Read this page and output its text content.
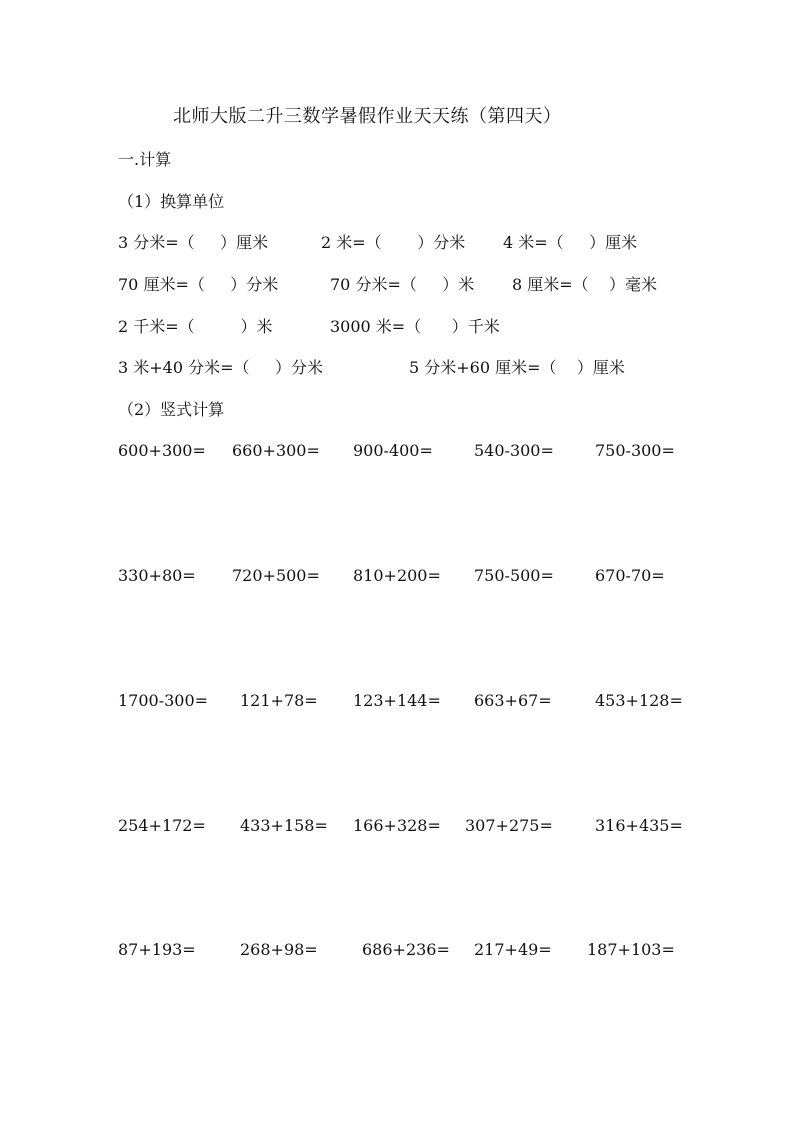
北师大版二升三数学暑假作业天天练（第四天）
一.计算
（1）换算单位
3 分米=（     ）厘米	2 米=（       ）分米 4 米=（     ）厘米
70 厘米=（     ）分米	70 分米=（     ）米 8 厘米=（    ）毫米
2 千米=（         ）米	3000 米=（      ）千米
3 米+40 分米=（     ）分米	5 分米+60 厘米=（    ）厘米
（2）竖式计算
600+300= 660+300= 900-400=	540-300=	750-300=
330+80= 720+500= 810+200= 750-500=	670-70=
1700-300= 121+78= 123+144= 663+67=	453+128=
254+172= 433+158= 166+328= 307+275=	316+435=
87+193=	268+98=	686+236= 217+49= 187+103=
